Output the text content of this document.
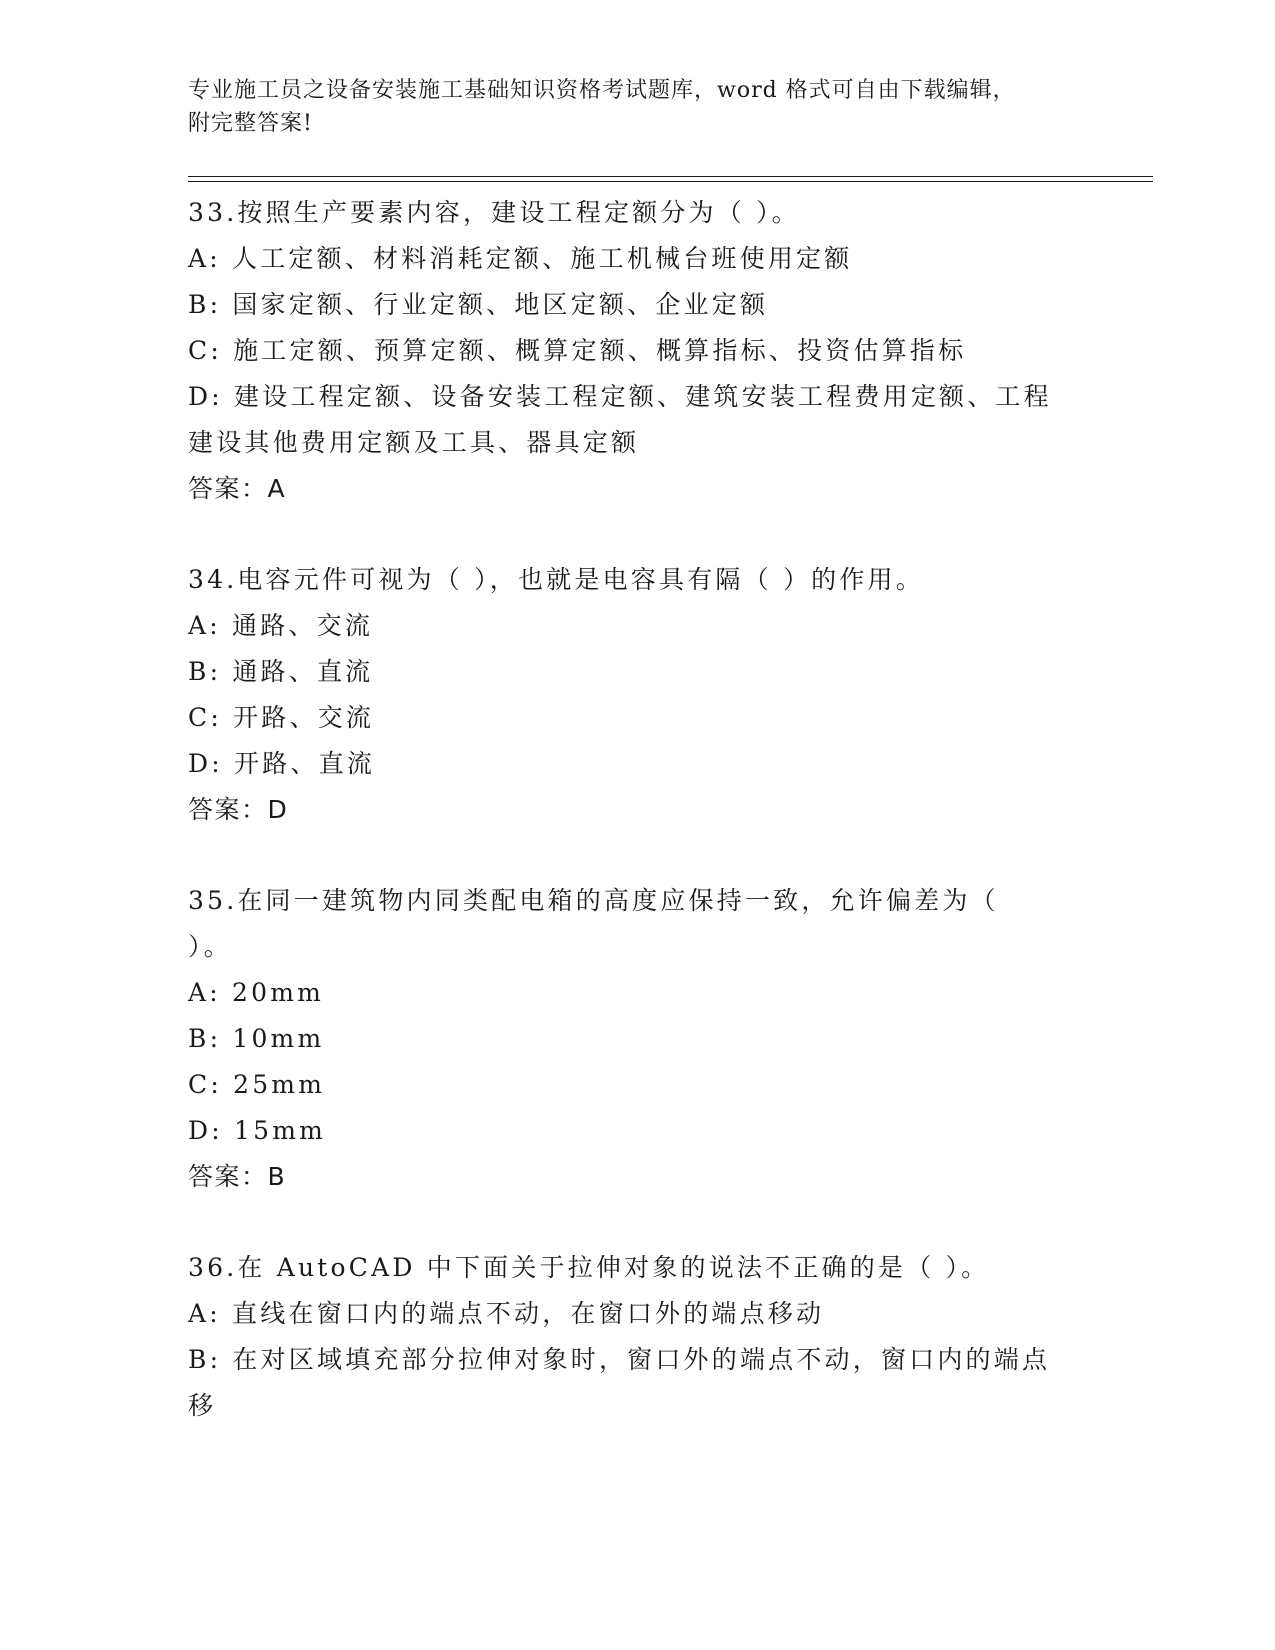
专业施工员之设备安装施工基础知识资格考试题库，word 格式可自由下载编辑，
附完整答案!
33.按照生产要素内容，建设工程定额分为（ ）。
A: 人工定额、材料消耗定额、施工机械台班使用定额
B: 国家定额、行业定额、地区定额、企业定额
C: 施工定额、预算定额、概算定额、概算指标、投资估算指标
D: 建设工程定额、设备安装工程定额、建筑安装工程费用定额、工程建设其他费用定额及工具、器具定额
答案：A
34.电容元件可视为（ ），也就是电容具有隔（ ）的作用。
A: 通路、交流
B: 通路、直流
C: 开路、交流
D: 开路、直流
答案：D
35.在同一建筑物内同类配电箱的高度应保持一致，允许偏差为（ ）。
A: 20mm
B: 10mm
C: 25mm
D: 15mm
答案：B
36.在 AutoCAD 中下面关于拉伸对象的说法不正确的是（ ）。
A: 直线在窗口内的端点不动，在窗口外的端点移动
B: 在对区域填充部分拉伸对象时，窗口外的端点不动，窗口内的端点移
